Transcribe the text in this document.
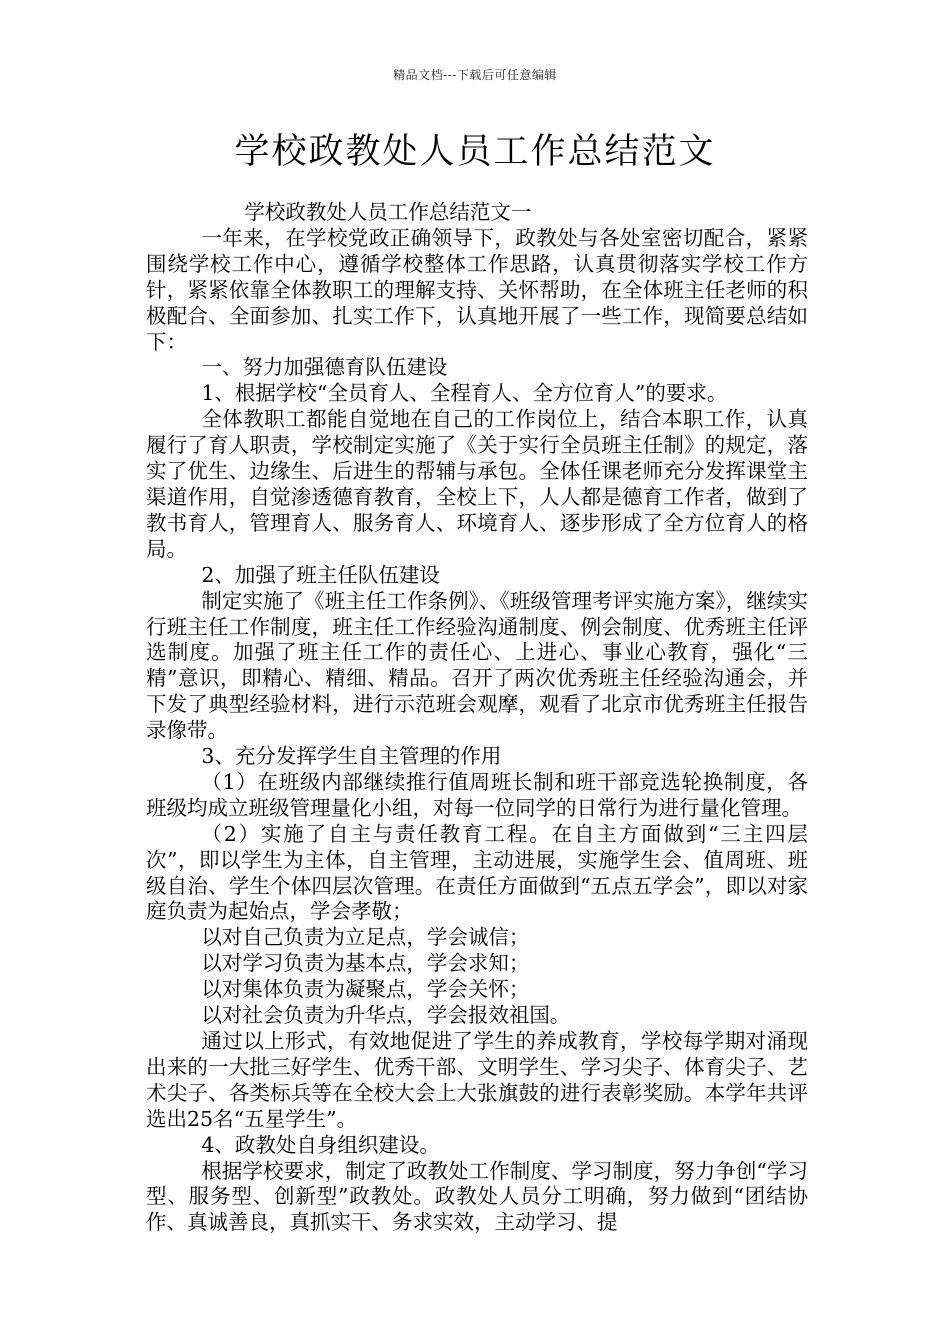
精品文档---下载后可任意编辑
学校政教处人员工作总结范文

学校政教处人员工作总结范文一

一年来，在学校党政正确领导下，政教处与各处室密切配合，紧紧围绕学校工作中心，遵循学校整体工作思路，认真贯彻落实学校工作方针，紧紧依靠全体教职工的理解支持、关怀帮助，在全体班主任老师的积极配合、全面参加、扎实工作下，认真地开展了一些工作，现简要总结如下：

一、努力加强德育队伍建设

1、根据学校“全员育人、全程育人、全方位育人”的要求。

全体教职工都能自觉地在自己的工作岗位上，结合本职工作，认真履行了育人职责，学校制定实施了《关于实行全员班主任制》的规定，落实了优生、边缘生、后进生的帮辅与承包。全体任课老师充分发挥课堂主渠道作用，自觉渗透德育教育，全校上下，人人都是德育工作者，做到了教书育人，管理育人、服务育人、环境育人、逐步形成了全方位育人的格局。

2、加强了班主任队伍建设

制定实施了《班主任工作条例》、《班级管理考评实施方案》，继续实行班主任工作制度，班主任工作经验沟通制度、例会制度、优秀班主任评选制度。加强了班主任工作的责任心、上进心、事业心教育，强化“三精”意识，即精心、精细、精品。召开了两次优秀班主任经验沟通会，并下发了典型经验材料，进行示范班会观摩，观看了北京市优秀班主任报告录像带。

3、充分发挥学生自主管理的作用

（1）在班级内部继续推行值周班长制和班干部竞选轮换制度，各班级均成立班级管理量化小组，对每一位同学的日常行为进行量化管理。

（2）实施了自主与责任教育工程。在自主方面做到“三主四层次”，即以学生为主体，自主管理，主动进展，实施学生会、值周班、班级自治、学生个体四层次管理。在责任方面做到“五点五学会”，即以对家庭负责为起始点，学会孝敬；

以对自己负责为立足点，学会诚信；

以对学习负责为基本点，学会求知；

以对集体负责为凝聚点，学会关怀；

以对社会负责为升华点，学会报效祖国。

通过以上形式，有效地促进了学生的养成教育，学校每学期对涌现出来的一大批三好学生、优秀干部、文明学生、学习尖子、体育尖子、艺术尖子、各类标兵等在全校大会上大张旗鼓的进行表彰奖励。本学年共评选出25名“五星学生”。

4、政教处自身组织建设。

根据学校要求，制定了政教处工作制度、学习制度，努力争创“学习型、服务型、创新型”政教处。政教处人员分工明确，努力做到“团结协作、真诚善良，真抓实干、务求实效，主动学习、提
